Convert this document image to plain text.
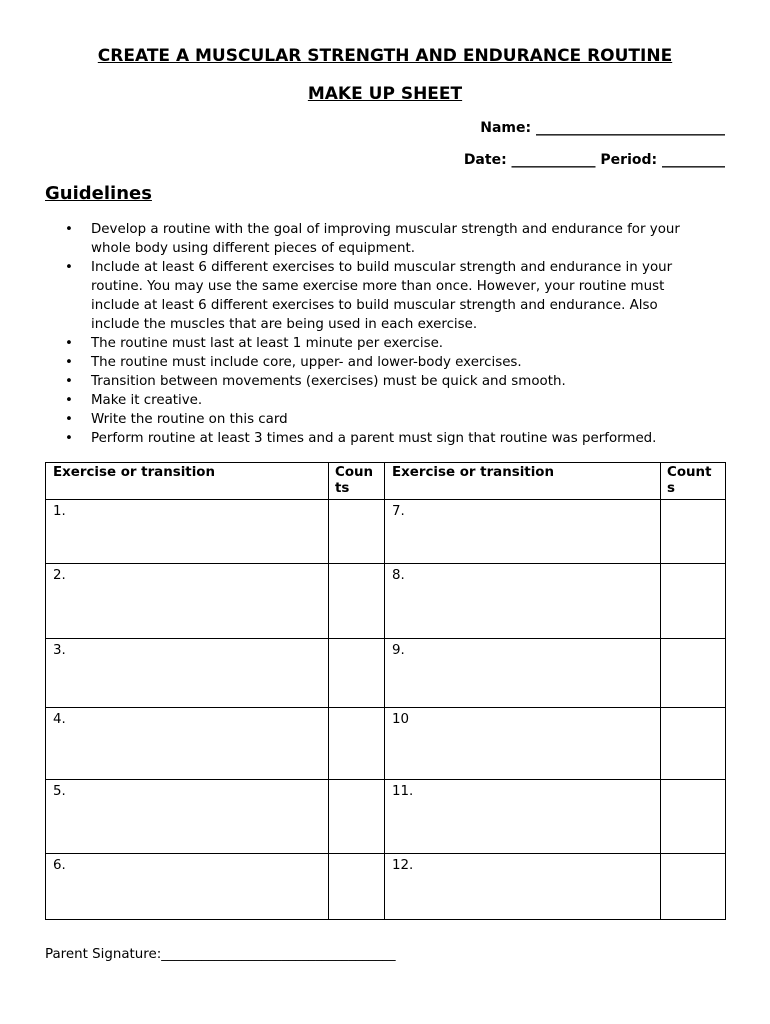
CREATE A MUSCULAR STRENGTH AND ENDURANCE ROUTINE
MAKE UP SHEET
Name: ___________________________
Date: ____________ Period: _________
Guidelines
• Develop a routine with the goal of improving muscular strength and endurance for your whole body using different pieces of equipment.
• Include at least 6 different exercises to build muscular strength and endurance in your routine. You may use the same exercise more than once. However, your routine must include at least 6 different exercises to build muscular strength and endurance. Also include the muscles that are being used in each exercise.
• The routine must last at least 1 minute per exercise.
• The routine must include core, upper- and lower-body exercises.
• Transition between movements (exercises) must be quick and smooth.
• Make it creative.
• Write the routine on this card
• Perform routine at least 3 times and a parent must sign that routine was performed.
Exercise or transition	Counts	Exercise or transition	Counts
1.		7.	
2.		8.	
3.		9.	
4.		10	
5.		11.	
6.		12.	
Parent Signature:___________________________________
